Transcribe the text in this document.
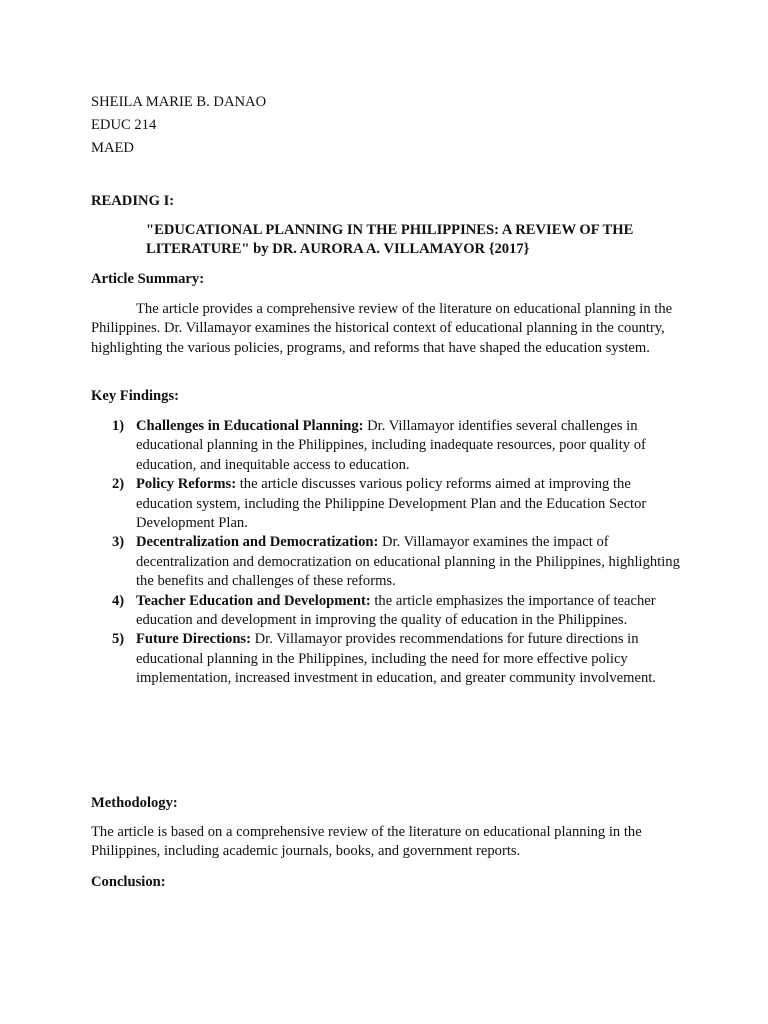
SHEILA MARIE B. DANAO
EDUC 214
MAED
READING I:
"EDUCATIONAL PLANNING IN THE PHILIPPINES: A REVIEW OF THE
LITERATURE" by DR. AURORA A. VILLAMAYOR {2017}
Article Summary:
The article provides a comprehensive review of the literature on educational planning in the Philippines. Dr. Villamayor examines the historical context of educational planning in the country, highlighting the various policies, programs, and reforms that have shaped the education system.
Key Findings:
1) Challenges in Educational Planning: Dr. Villamayor identifies several challenges in educational planning in the Philippines, including inadequate resources, poor quality of education, and inequitable access to education.
2) Policy Reforms: the article discusses various policy reforms aimed at improving the education system, including the Philippine Development Plan and the Education Sector Development Plan.
3) Decentralization and Democratization: Dr. Villamayor examines the impact of decentralization and democratization on educational planning in the Philippines, highlighting the benefits and challenges of these reforms.
4) Teacher Education and Development: the article emphasizes the importance of teacher education and development in improving the quality of education in the Philippines.
5) Future Directions: Dr. Villamayor provides recommendations for future directions in educational planning in the Philippines, including the need for more effective policy implementation, increased investment in education, and greater community involvement.
Methodology:
The article is based on a comprehensive review of the literature on educational planning in the Philippines, including academic journals, books, and government reports.
Conclusion:
